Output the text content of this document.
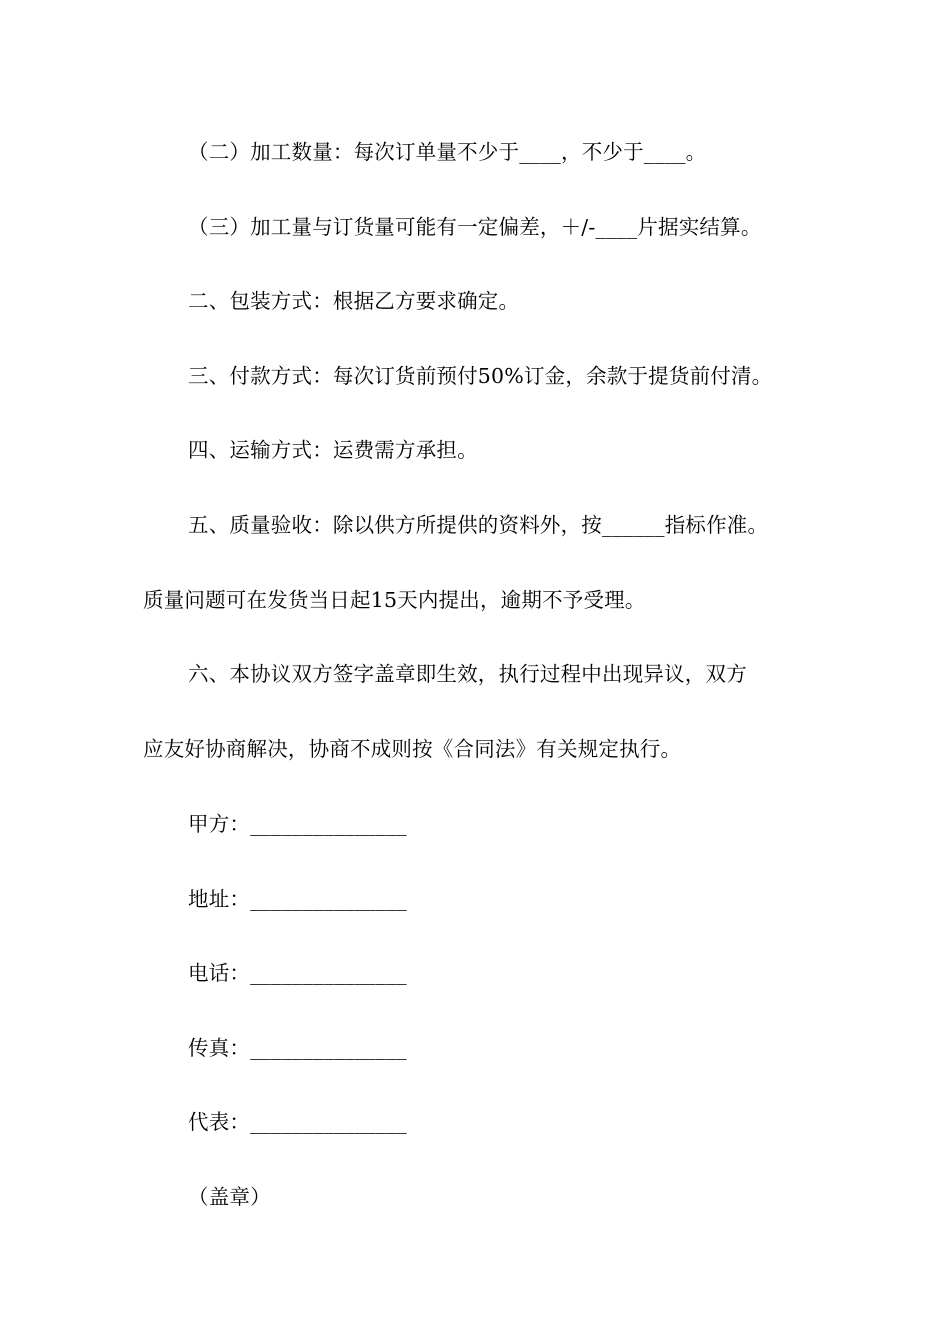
（二）加工数量：每次订单量不少于____，不少于____。
（三）加工量与订货量可能有一定偏差，＋/-____片据实结算。
二、包装方式：根据乙方要求确定。
三、付款方式：每次订货前预付50%订金，余款于提货前付清。
四、运输方式：运费需方承担。
五、质量验收：除以供方所提供的资料外，按______指标作准。
质量问题可在发货当日起15天内提出，逾期不予受理。
六、本协议双方签字盖章即生效，执行过程中出现异议，双方
应友好协商解决，协商不成则按《合同法》有关规定执行。
甲方：_______________
地址：_______________
电话：_______________
传真：_______________
代表：_______________
（盖章）
